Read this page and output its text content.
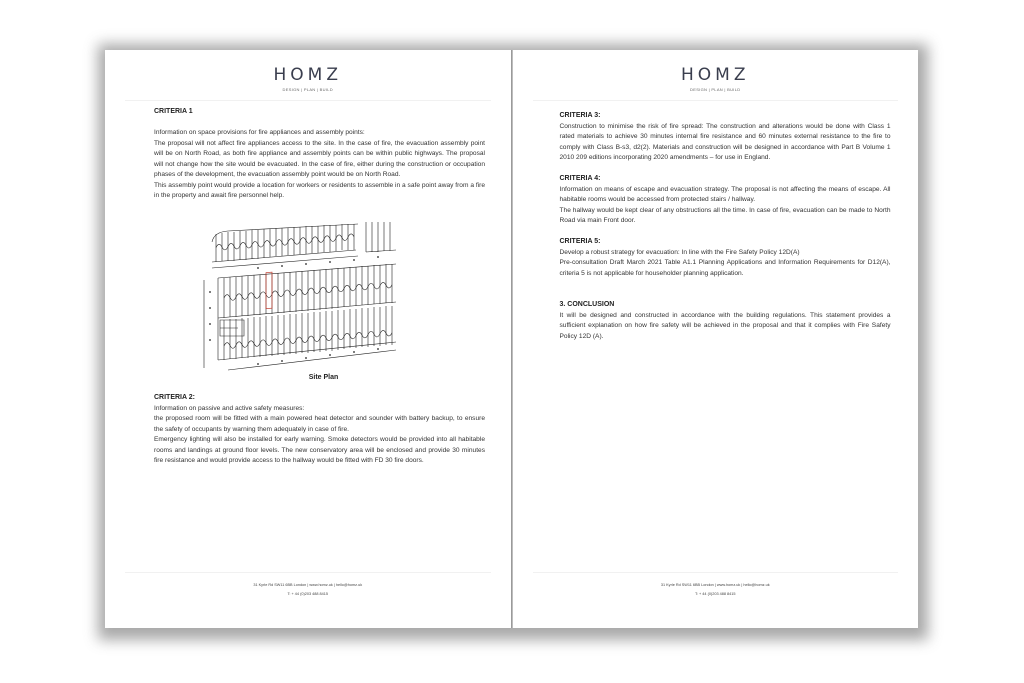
HOMZ
DESIGN | PLAN | BUILD
CRITERIA 1

Information on space provisions for fire appliances and assembly points:

The proposal will not affect fire appliances access to the site. In the case of fire, the evacuation assembly point will be on North Road, as both fire appliance and assembly points can be within public highways. The proposal will not change how the site would be evacuated. In the case of fire, either during the construction or occupation phases of the development, the evacuation assembly point would be on North Road.

This assembly point would provide a location for workers or residents to assemble in a safe point away from a fire in the property and await fire personnel help.

Site Plan
CRITERIA 2:

Information on passive and active safety measures:

the proposed room will be fitted with a main powered heat detector and sounder with battery backup, to ensure the safety of occupants by warning them adequately in case of fire.

Emergency lighting will also be installed for early warning. Smoke detectors would be provided into all habitable rooms and landings at ground floor levels. The new conservatory area will be enclosed and provide 30 minutes fire resistance and would provide access to the hallway would be fitted with FD 30 fire doors.

31 Kyrle Rd SW11 6BB London | www.homz.uk | hello@homz.uk
T: + 44 (0)203 488 8415
HOMZ
DESIGN | PLAN | BUILD
CRITERIA 3:

Construction to minimise the risk of fire spread: The construction and alterations would be done with Class 1 rated materials to achieve 30 minutes internal fire resistance and 60 minutes external resistance to the fire to comply with Class B-s3, d2(2). Materials and construction will be designed in accordance with Part B Volume 1 2010 209 editions incorporating 2020 amendments – for use in England.

CRITERIA 4:

Information on means of escape and evacuation strategy. The proposal is not affecting the means of escape. All habitable rooms would be accessed from protected stairs / hallway.

The hallway would be kept clear of any obstructions all the time. In case of fire, evacuation can be made to North Road via main Front door.

CRITERIA 5:

Develop a robust strategy for evacuation: In line with the Fire Safety Policy 12D(A)

Pre-consultation Draft March 2021 Table A1.1 Planning Applications and Information Requirements for D12(A), criteria 5 is not applicable for householder planning application.

3. CONCLUSION

It will be designed and constructed in accordance with the building regulations. This statement provides a sufficient explanation on how fire safety will be achieved in the proposal and that it complies with Fire Safety Policy 12D (A).

31 Kyrle Rd SW11 6BB London | www.homz.uk | hello@homz.uk
T: + 44 (0)203 488 8415
